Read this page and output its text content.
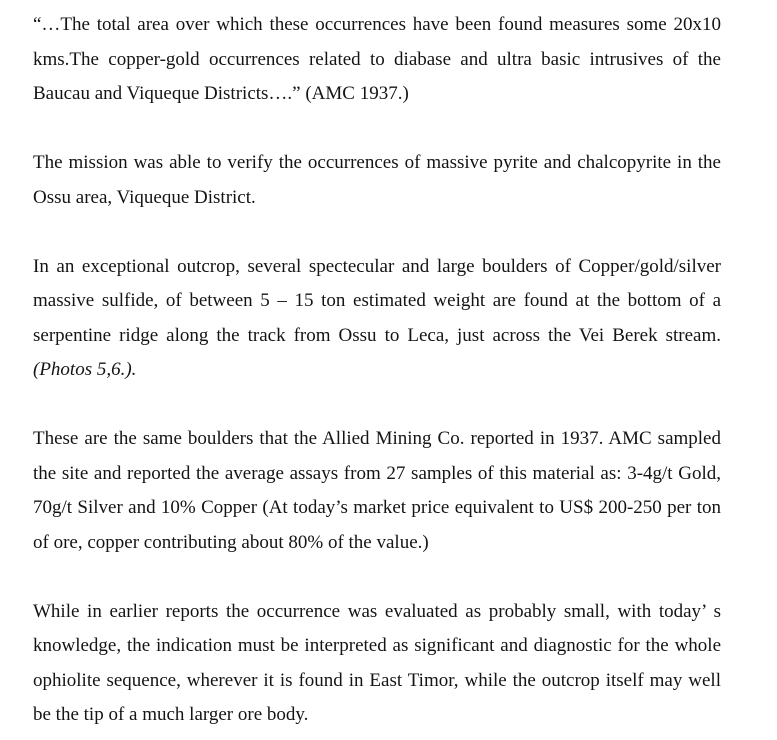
“…The total area over which these occurrences have been found measures some 20x10 kms.The copper-gold occurrences related to diabase and ultra basic intrusives of the Baucau and Viqueque Districts….” (AMC 1937.)

The mission was able to verify the occurrences of massive pyrite and chalcopyrite in the Ossu area, Viqueque District.

In an exceptional outcrop, several spectecular and large boulders of Copper/gold/silver massive sulfide, of between 5 – 15 ton estimated weight are found at the bottom of a serpentine ridge along the track from Ossu to Leca, just across the Vei Berek stream. (Photos 5,6.).

These are the same boulders that the Allied Mining Co. reported in 1937. AMC sampled the site and reported the average assays from 27 samples of this material as: 3-4g/t Gold, 70g/t Silver and 10% Copper (At today’s market price equivalent to US$ 200-250 per ton of ore, copper contributing about 80% of the value.)

While in earlier reports the occurrence was evaluated as probably small, with today’ s knowledge, the indication must be interpreted as significant and diagnostic for the whole ophiolite sequence, wherever it is found in East Timor, while the outcrop itself may well be the tip of a much larger ore body.
